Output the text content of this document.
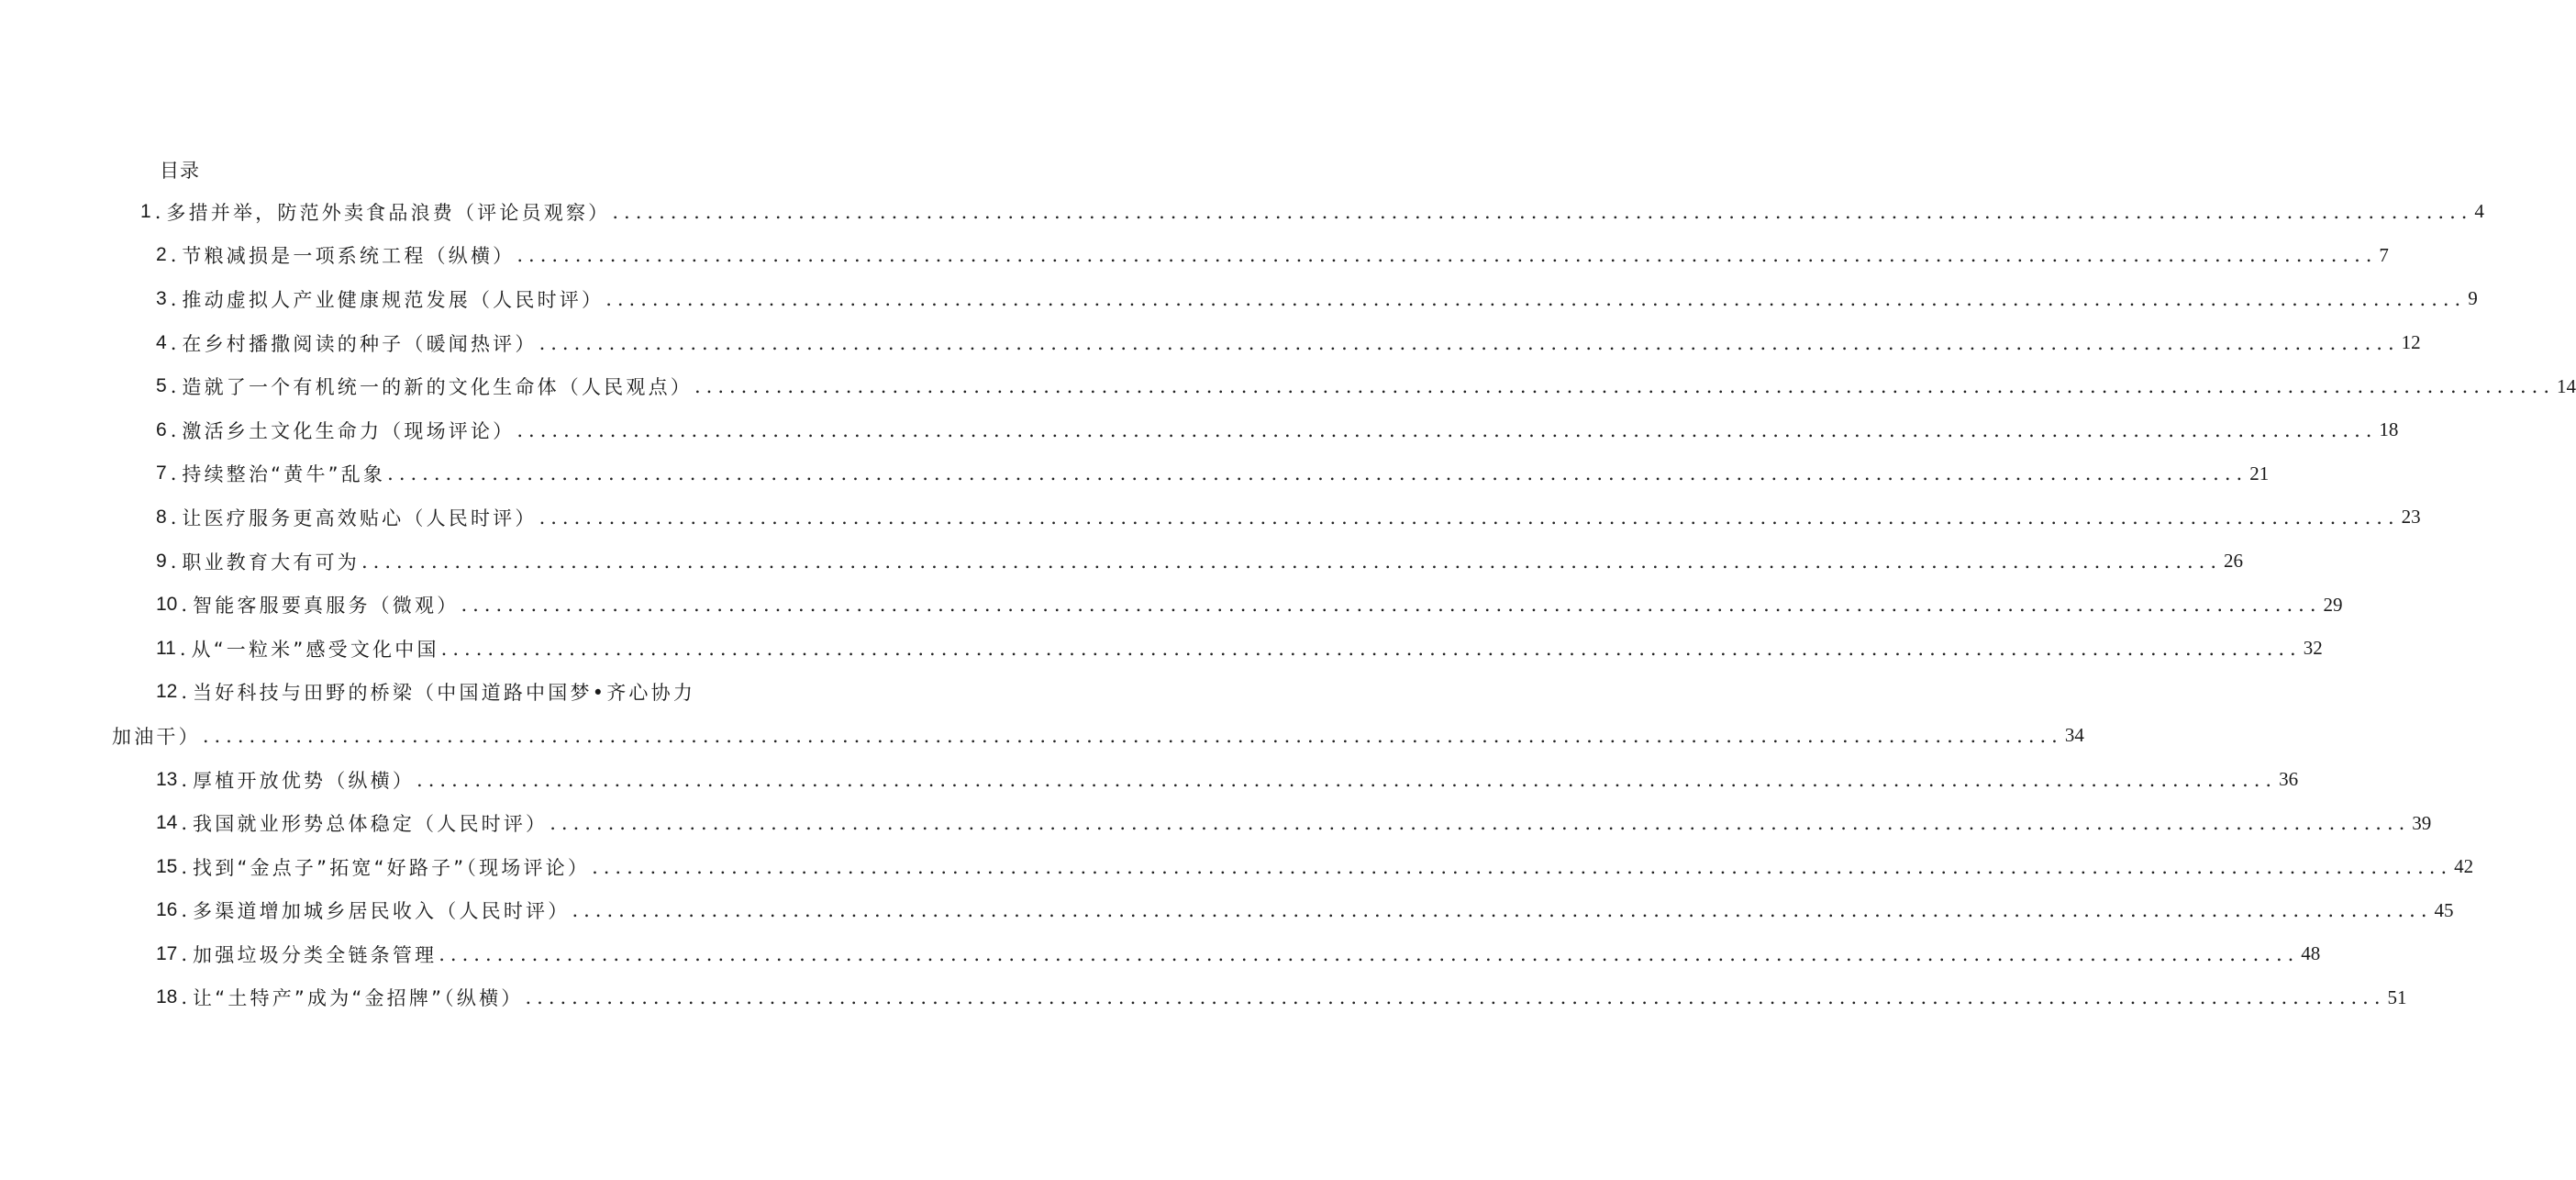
目录
1 . 多措并举，防范外卖食品浪费（评论员观察） ................................................................................................................................................................ 4
2 . 节粮减损是一项系统工程（纵横） ................................................................................................................................................................ 7
3 . 推动虚拟人产业健康规范发展（人民时评） ................................................................................................................................................................ 9
4 . 在乡村播撒阅读的种子（暖闻热评） ................................................................................................................................................................ 12
5 . 造就了一个有机统一的新的文化生命体（人民观点） ................................................................................................................................................................ 14
6 . 激活乡土文化生命力（现场评论） ................................................................................................................................................................ 18
7 . 持续整治“黄牛”乱象 ................................................................................................................................................................ 21
8 . 让医疗服务更高效贴心（人民时评） ................................................................................................................................................................ 23
9 . 职业教育大有可为 ................................................................................................................................................................ 26
10 . 智能客服要真服务（微观） ................................................................................................................................................................ 29
11 . 从“一粒米”感受文化中国 ................................................................................................................................................................ 32
12 . 当好科技与田野的桥梁（中国道路中国梦•齐心协力
加油干） ................................................................................................................................................................ 34
13 . 厚植开放优势（纵横） ................................................................................................................................................................ 36
14 . 我国就业形势总体稳定（人民时评） ................................................................................................................................................................ 39
15 . 找到“金点子”拓宽“好路子”（现场评论） ................................................................................................................................................................ 42
16 . 多渠道增加城乡居民收入（人民时评） ................................................................................................................................................................ 45
17 . 加强垃圾分类全链条管理 ................................................................................................................................................................ 48
18 . 让“土特产”成为“金招牌”（纵横） ................................................................................................................................................................ 51
